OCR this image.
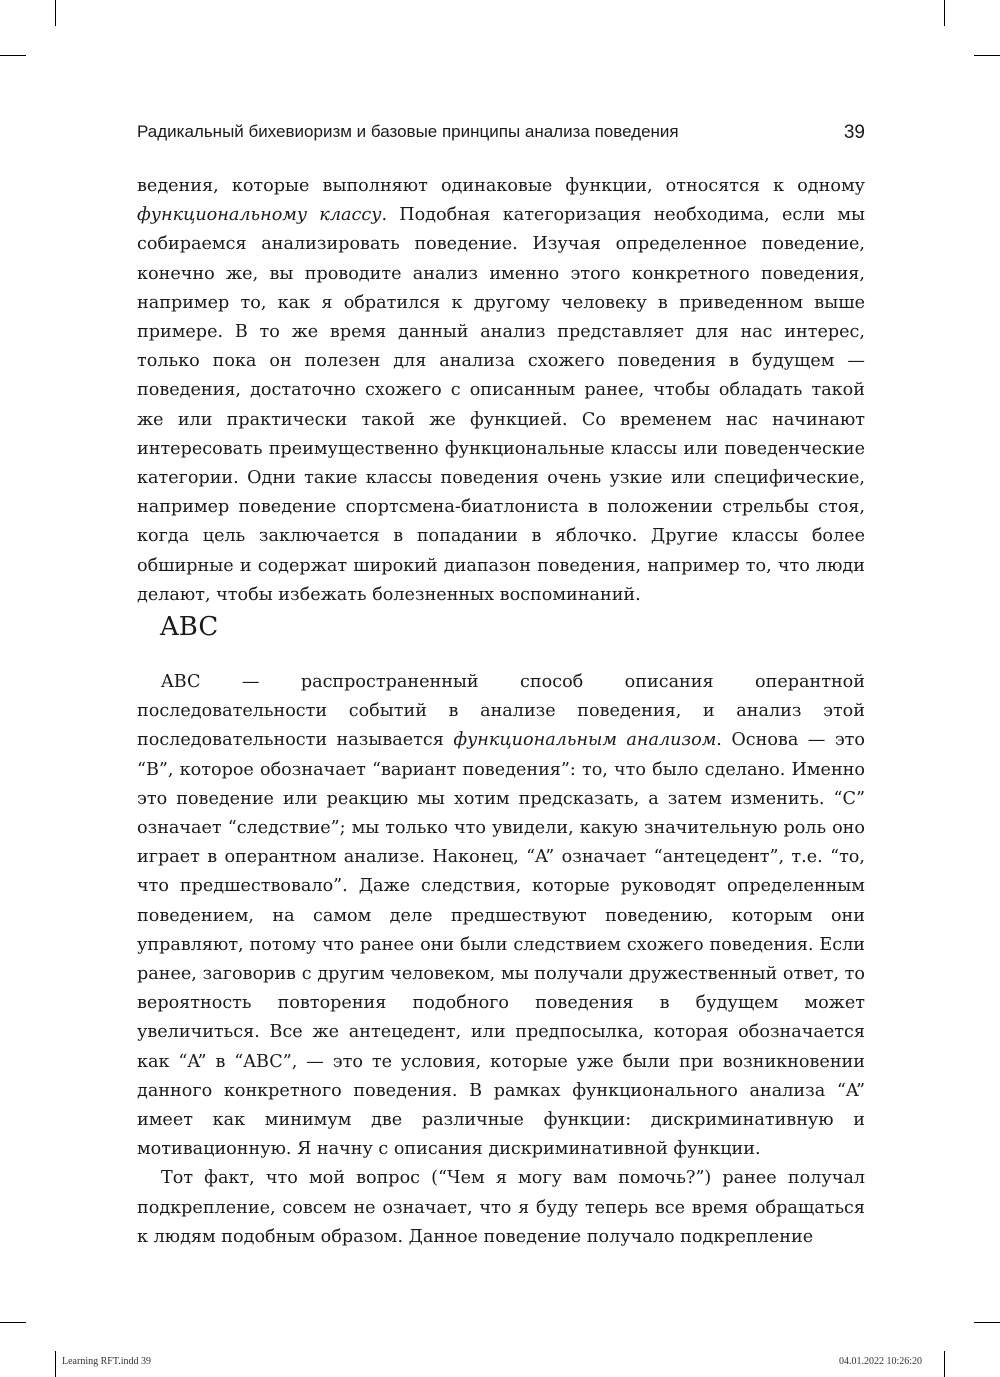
Радикальный бихевиоризм и базовые принципы анализа поведения	39

ведения, которые выполняют одинаковые функции, относятся к одному функциональному классу. Подобная категоризация необходима, если мы собираемся анализировать поведение. Изучая определенное поведение, конечно же, вы проводите анализ именно этого конкретного поведения, например то, как я обратился к другому человеку в приведенном выше примере. В то же время данный анализ представляет для нас интерес, только пока он полезен для анализа схожего поведения в будущем — поведения, достаточно схожего с описанным ранее, чтобы обладать такой же или практически такой же функцией. Со временем нас начинают интересовать преимущественно функциональные классы или поведенческие категории. Одни такие классы поведения очень узкие или специфические, например поведение спортсмена-биатлониста в положении стрельбы стоя, когда цель заключается в попадании в яблочко. Другие классы более обширные и содержат широкий диапазон поведения, например то, что люди делают, чтобы избежать болезненных воспоминаний.

ABC

ABC — распространенный способ описания оперантной последовательности событий в анализе поведения, и анализ этой последовательности называется функциональным анализом. Основа — это “B”, которое обозначает “вариант поведения”: то, что было сделано. Именно это поведение или реакцию мы хотим предсказать, а затем изменить. “C” означает “следствие”; мы только что увидели, какую значительную роль оно играет в оперантном анализе. Наконец, “A” означает “антецедент”, т.е. “то, что предшествовало”. Даже следствия, которые руководят определенным поведением, на самом деле предшествуют поведению, которым они управляют, потому что ранее они были следствием схожего поведения. Если ранее, заговорив с другим человеком, мы получали дружественный ответ, то вероятность повторения подобного поведения в будущем может увеличиться. Все же антецедент, или предпосылка, которая обозначается как “A” в “ABC”, — это те условия, которые уже были при возникновении данного конкретного поведения. В рамках функционального анализа “A” имеет как минимум две различные функции: дискриминативную и мотивационную. Я начну с описания дискриминативной функции.

Тот факт, что мой вопрос (“Чем я могу вам помочь?”) ранее получал подкрепление, совсем не означает, что я буду теперь все время обращаться к людям подобным образом. Данное поведение получало подкрепление

Learning RFT.indd 39	04.01.2022 10:26:20
